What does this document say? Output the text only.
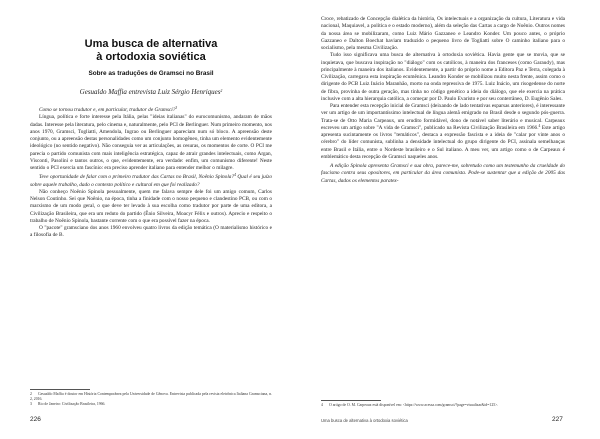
Uma busca de alternativa
à ortodoxia soviética
Sobre as traduções de Gramsci no Brasil
Gesualdo Maffia entrevista Luiz Sérgio Henriques$^2$

Como se tornou tradutor e, em particular, tradutor de Gramsci?$^3$

Língua, política e forte interesse pela Itália, pelas "ideias italianas" do eurocomunismo, andaram de mãos dadas. Interesse pela literatura, pelo cinema e, naturalmente, pelo PCI de Berlinguer. Num primeiro momento, nos anos 1970, Gramsci, Togliatti, Amendola, Ingrao ou Berlinguer apareciam num só bloco. A apreensão deste conjunto, ou a apreensão destas personalidades como um conjunto homogêneo, tinha um elemento evidentemente ideológico (no sentido negativo). Não conseguia ver as articulações, as cesuras, os momentos de corte. O PCI me parecia o partido comunista com mais inteligência estratégica, capaz de atrair grandes intelectuais, como Argan, Visconti, Pasolini e tantos outros, o que, evidentemente, era verdade: enfim, um comunismo diferente! Neste sentido o PCI exercia um fascínio: era preciso aprender italiano para entender melhor o milagre.

Teve oportunidade de falar com o primeiro tradutor das Cartas no Brasil, Noênio Spinola?$^4$ Qual é seu juízo sobre aquele trabalho, dado o contexto político e cultural em que foi realizado?

Não conheço Noênio Spinola pessoalmente, quem me falava sempre dele foi um amigo comum, Carlos Nelson Coutinho. Sei que Noênio, na época, tinha a finidade com o nosso pequeno e clandestino PCB, ou com o marxismo de um modo geral, o que deve ter levado à sua escolha como tradutor por parte de uma editora, a Civilização Brasileira, que era um reduto do partido (Ênio Silveira, Moacyr Félix e outros). Aprecio e respeito o trabalho de Noênio Spinola, bastante corrente com o que era possível fazer na época.

O "pacote" gramsciano dos anos 1960 envolveu quatro livros da edição temática (O materialismo histórico e a filosofia de B.

2 Gesualdo Maffia é doutor em História Contemporânea pela Universidade de Gênova. Entrevista publicada pela revista eletrônica Italiana Gramsciana, n. 2, 2016.
3 Rio de Janeiro: Civilização Brasileira, 1966.
226

Croce, rebatizado de Concepção dialética da história, Os intelectuais e a organização da cultura, Literatura e vida nacional, Maquiavel, a política e o estado moderno), além da seleção das Cartas a cargo de Noênio. Outros nomes da nossa área se mobilizaram, como Luiz Mário Gazzaneo e Leandro Konder. Um pouco antes, o próprio Gazzaneo e Dalton Boechat haviam traduzido o pequeno livro de Togliatti sobre O caminho italiano para o socialismo, pela mesma Civilização.

Tudo isso significava uma busca de alternativa à ortodoxia soviética. Havia gente que se movia, que se inquietava, que buscava inspiração no "diálogo" com os católicos, à maneira dos franceses (como Garaudy), mas principalmente à maneira dos italianos. Evidentemente, a partir do próprio nome a Editora Paz e Terra, colegada à Civilização, carregava esta inspiração ecumênica. Leandro Konder se mobilizou muito nesta frente, assim como o dirigente do PCB Luiz Inácio Maranhão, morto na onda repressiva de 1975. Luiz Inácio, um risogedense do norte de fibra, provinha de outra geração, mas tinha no código genético a ideia do diálogo, que ele exercia na prática inclusive com a alta hierarquia católica, a começar por D. Paulo Evaristo e por seu conterrâneo, D. Eugênio Sales.

Para entender esta recepção inicial de Gramsci (deixando de lado tentativas esparsas anteriores), é interessante ver um artigo de um importantíssimo intelectual de língua alemã emigrado no Brasil desde o segundo pós-guerra. Trata-se de Otto Maria Carpeaux, um erudito formidável, dono de notável saber literário e musical. Carpeaux escreveu um artigo sobre "A vida de Gramsci", publicado na Revista Civilização Brasileira em 1966.$^4$ Este artigo apresenta sucintamente os livros "temáticos", destaca a expressão fascista e a ideia de "calar por vinte anos o cérebro" do líder comunista, sublinha a densidade intelectual do grupo dirigente do PCI, assinala semelhanças entre Brasil e Itália, entre o Nordeste brasileiro e o Sul italiano. A meu ver, um artigo como o de Carpeaux é emblemático desta recepção de Gramsci naqueles anos.

A edição Spinola apresenta Gramsci e sua obra, parece-me, sobretudo como um testemunho da crueldade do fascismo contra seus opositores, em particular da área comunista. Pode-se sustentar que a edição de 2005 das Cartas, dados os elementos paratex-

4 O artigo de O. M. Carpeaux está disponível em: <https://www.acessa.com/gramsci/?page=visualizar&id=125>.
Uma busca de alternativa à ortodoxia soviética	227
